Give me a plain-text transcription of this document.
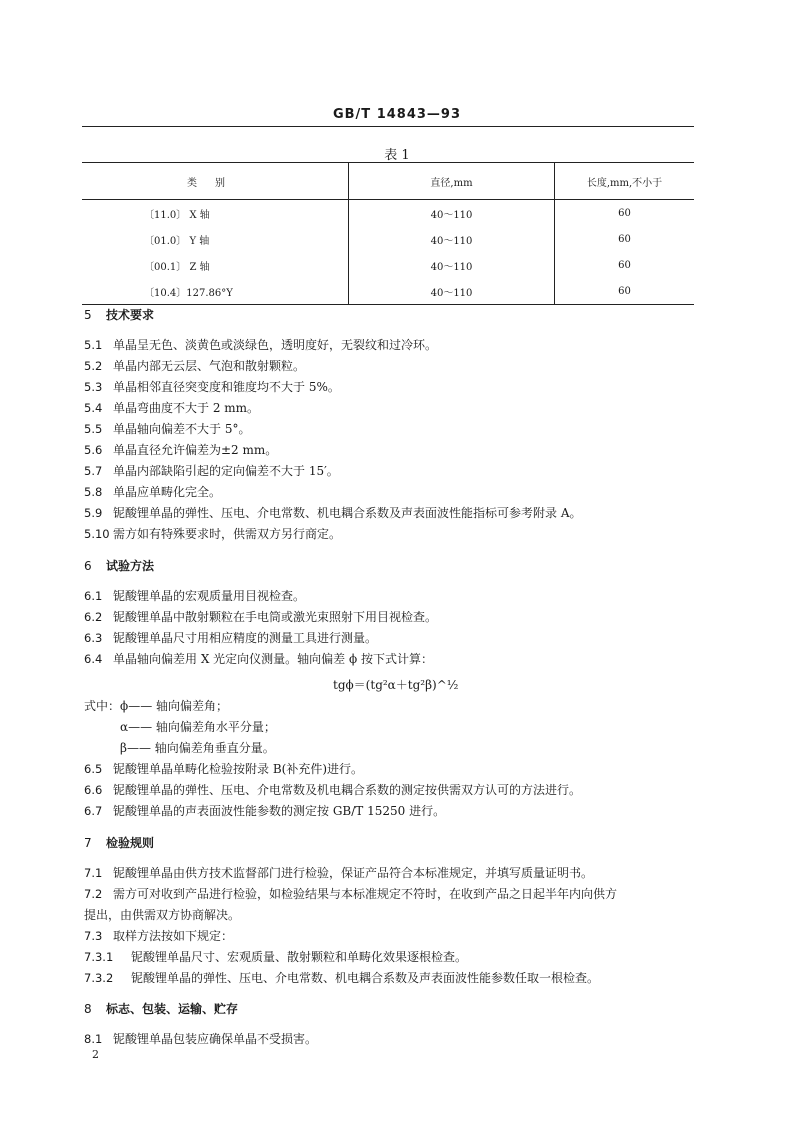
GB/T 14843—93
表 1
类别	直径,mm	长度,mm,不小于
〔11.0〕 X 轴	40～110	60
〔01.0〕 Y 轴	40～110	60
〔00.1〕 Z 轴	40～110	60
〔10.4〕127.86°Y	40～110	60
5 技术要求
5.1 单晶呈无色、淡黄色或淡绿色，透明度好，无裂纹和过冷环。
5.2 单晶内部无云层、气泡和散射颗粒。
5.3 单晶相邻直径突变度和锥度均不大于 5%。
5.4 单晶弯曲度不大于 2 mm。
5.5 单晶轴向偏差不大于 5°。
5.6 单晶直径允许偏差为±2 mm。
5.7 单晶内部缺陷引起的定向偏差不大于 15′。
5.8 单晶应单畴化完全。
5.9 铌酸锂单晶的弹性、压电、介电常数、机电耦合系数及声表面波性能指标可参考附录 A。
5.10 需方如有特殊要求时，供需双方另行商定。
6 试验方法
6.1 铌酸锂单晶的宏观质量用目视检查。
6.2 铌酸锂单晶中散射颗粒在手电筒或激光束照射下用目视检查。
6.3 铌酸锂单晶尺寸用相应精度的测量工具进行测量。
6.4 单晶轴向偏差用 X 光定向仪测量。轴向偏差 ϕ 按下式计算：
tgϕ＝(tg²α＋tg²β)^½
式中：ϕ—— 轴向偏差角；
α—— 轴向偏差角水平分量；
β—— 轴向偏差角垂直分量。
6.5 铌酸锂单晶单畴化检验按附录 B(补充件)进行。
6.6 铌酸锂单晶的弹性、压电、介电常数及机电耦合系数的测定按供需双方认可的方法进行。
6.7 铌酸锂单晶的声表面波性能参数的测定按 GB/T 15250 进行。
7 检验规则
7.1 铌酸锂单晶由供方技术监督部门进行检验，保证产品符合本标准规定，并填写质量证明书。
7.2 需方可对收到产品进行检验，如检验结果与本标准规定不符时，在收到产品之日起半年内向供方
提出，由供需双方协商解决。
7.3 取样方法按如下规定：
7.3.1 铌酸锂单晶尺寸、宏观质量、散射颗粒和单畴化效果逐根检查。
7.3.2 铌酸锂单晶的弹性、压电、介电常数、机电耦合系数及声表面波性能参数任取一根检查。
8 标志、包装、运输、贮存
8.1 铌酸锂单晶包装应确保单晶不受损害。
2
